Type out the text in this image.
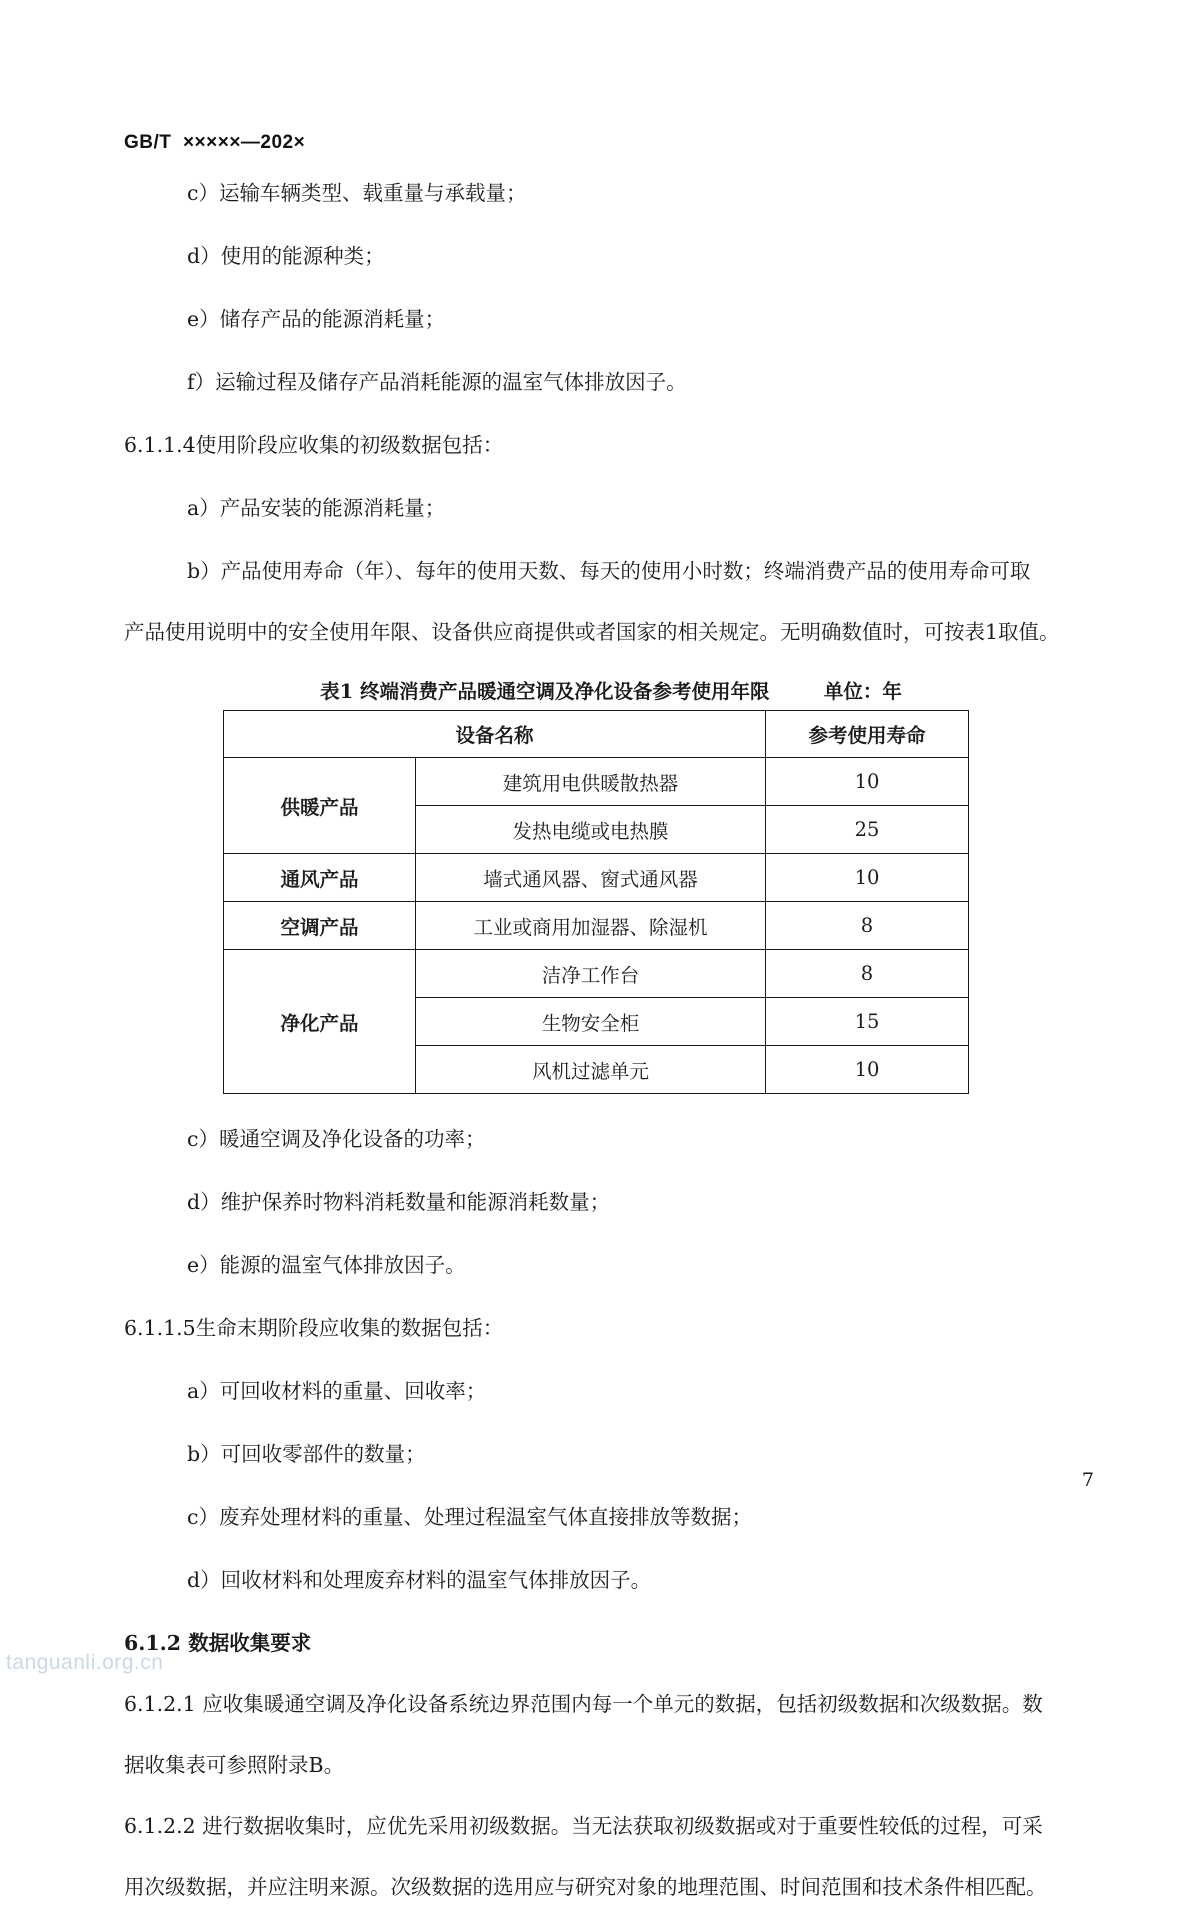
GB/T  ×××××—202×
c）运输车辆类型、载重量与承载量；
d）使用的能源种类；
e）储存产品的能源消耗量；
f）运输过程及储存产品消耗能源的温室气体排放因子。
6.1.1.4使用阶段应收集的初级数据包括：
a）产品安装的能源消耗量；
b）产品使用寿命（年）、每年的使用天数、每天的使用小时数；终端消费产品的使用寿命可取
产品使用说明中的安全使用年限、设备供应商提供或者国家的相关规定。无明确数值时，可按表1取值。
表1 终端消费产品暖通空调及净化设备参考使用年限        单位：年
设备名称		参考使用寿命
供暖产品	建筑用电供暖散热器	10
	发热电缆或电热膜	25
通风产品	墙式通风器、窗式通风器	10
空调产品	工业或商用加湿器、除湿机	8
净化产品	洁净工作台	8
	生物安全柜	15
	风机过滤单元	10
c）暖通空调及净化设备的功率；
d）维护保养时物料消耗数量和能源消耗数量；
e）能源的温室气体排放因子。
6.1.1.5生命末期阶段应收集的数据包括：
a）可回收材料的重量、回收率；
b）可回收零部件的数量；
c）废弃处理材料的重量、处理过程温室气体直接排放等数据；
d）回收材料和处理废弃材料的温室气体排放因子。
6.1.2 数据收集要求
6.1.2.1 应收集暖通空调及净化设备系统边界范围内每一个单元的数据，包括初级数据和次级数据。数
据收集表可参照附录B。
6.1.2.2 进行数据收集时，应优先采用初级数据。当无法获取初级数据或对于重要性较低的过程，可采
用次级数据，并应注明来源。次级数据的选用应与研究对象的地理范围、时间范围和技术条件相匹配。
7
tanguanli.org.cn
